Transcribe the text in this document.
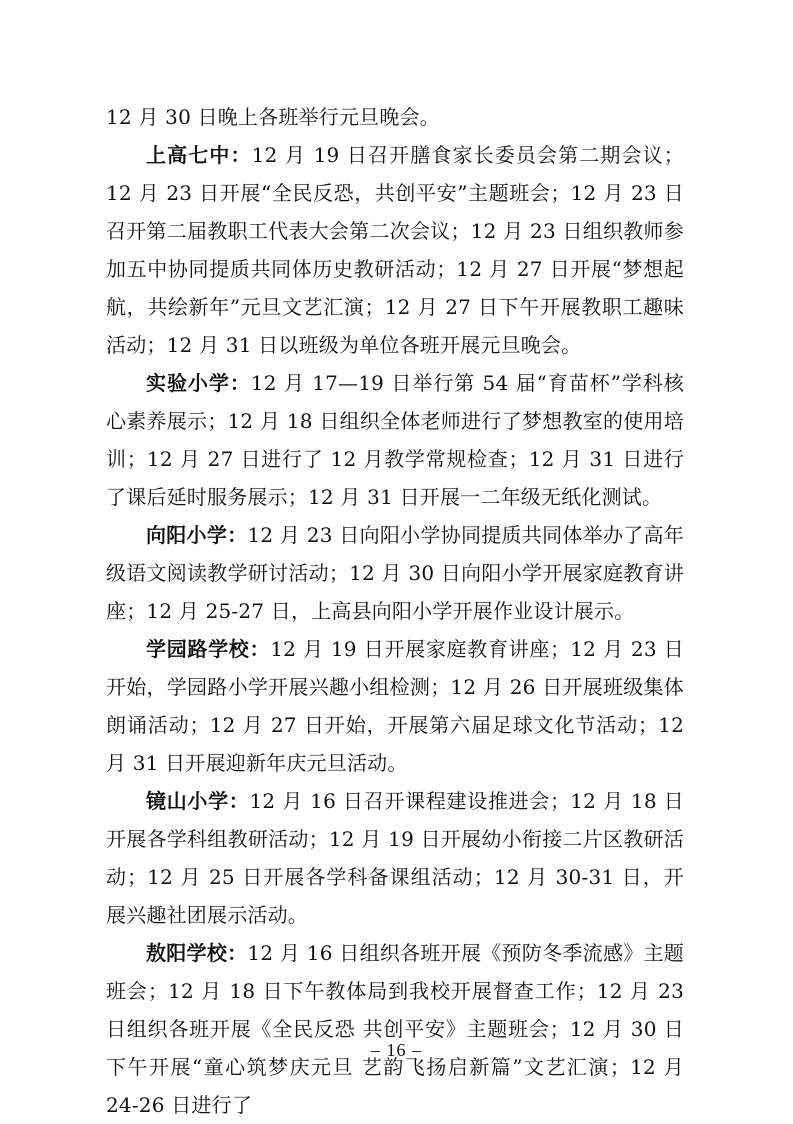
12 月 30 日晚上各班举行元旦晚会。

上高七中：12 月 19 日召开膳食家长委员会第二期会议；12 月 23 日开展“全民反恐，共创平安”主题班会；12 月 23 日召开第二届教职工代表大会第二次会议；12 月 23 日组织教师参加五中协同提质共同体历史教研活动；12 月 27 日开展“梦想起航，共绘新年”元旦文艺汇演；12 月 27 日下午开展教职工趣味活动；12 月 31 日以班级为单位各班开展元旦晚会。

实验小学：12 月 17—19 日举行第 54 届“育苗杯”学科核心素养展示；12 月 18 日组织全体老师进行了梦想教室的使用培训；12 月 27 日进行了 12 月教学常规检查；12 月 31 日进行了课后延时服务展示；12 月 31 日开展一二年级无纸化测试。

向阳小学：12 月 23 日向阳小学协同提质共同体举办了高年级语文阅读教学研讨活动；12 月 30 日向阳小学开展家庭教育讲座；12 月 25-27 日，上高县向阳小学开展作业设计展示。

学园路学校：12 月 19 日开展家庭教育讲座；12 月 23 日开始，学园路小学开展兴趣小组检测；12 月 26 日开展班级集体朗诵活动；12 月 27 日开始，开展第六届足球文化节活动；12 月 31 日开展迎新年庆元旦活动。

镜山小学：12 月 16 日召开课程建设推进会；12 月 18 日开展各学科组教研活动；12 月 19 日开展幼小衔接二片区教研活动；12 月 25 日开展各学科备课组活动；12 月 30-31 日，开展兴趣社团展示活动。

敖阳学校：12 月 16 日组织各班开展《预防冬季流感》主题班会；12 月 18 日下午教体局到我校开展督查工作；12 月 23 日组织各班开展《全民反恐 共创平安》主题班会；12 月 30 日下午开展“童心筑梦庆元旦 艺韵飞扬启新篇”文艺汇演；12 月 24-26 日进行了

– 16 –
